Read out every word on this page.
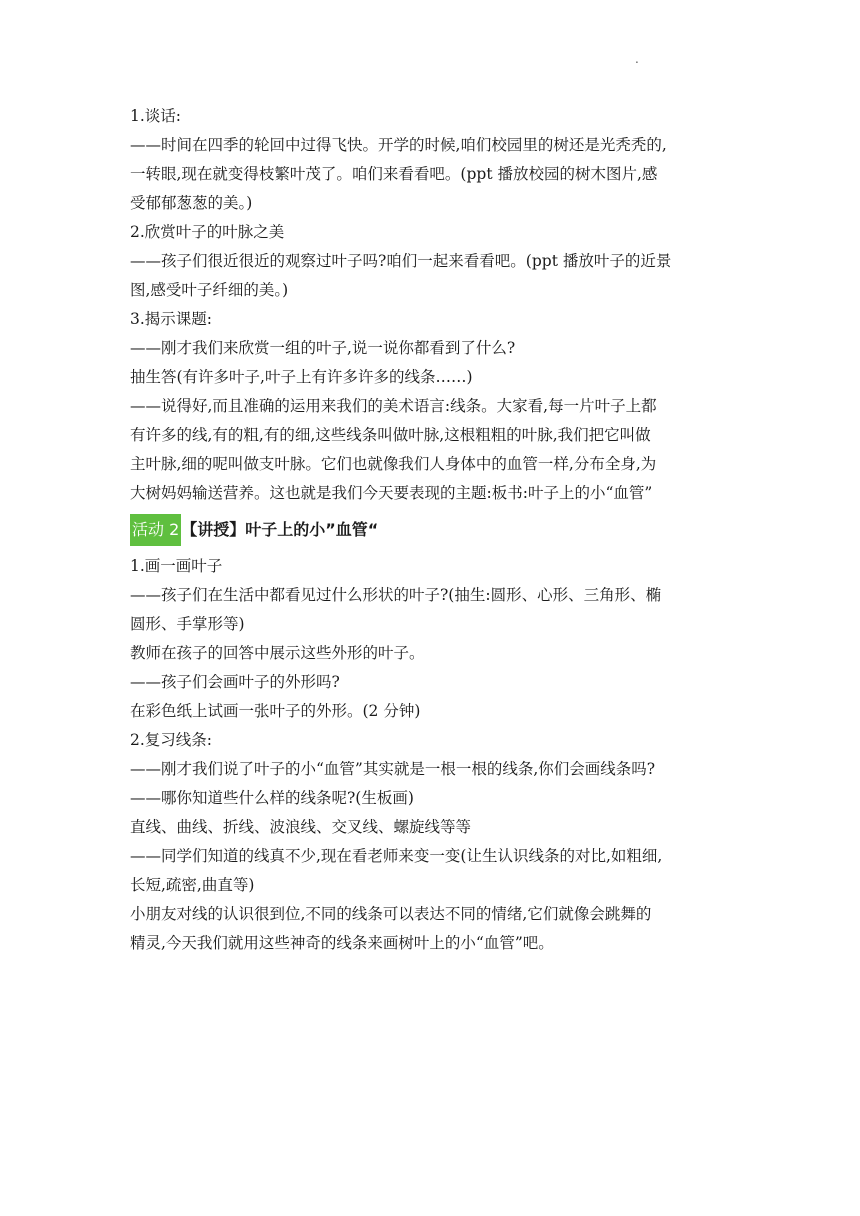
.

1.谈话:

——时间在四季的轮回中过得飞快。开学的时候,咱们校园里的树还是光秃秃的,

一转眼,现在就变得枝繁叶茂了。咱们来看看吧。(ppt 播放校园的树木图片,感

受郁郁葱葱的美。)

2.欣赏叶子的叶脉之美

——孩子们很近很近的观察过叶子吗?咱们一起来看看吧。(ppt 播放叶子的近景

图,感受叶子纤细的美。)

3.揭示课题:

——刚才我们来欣赏一组的叶子,说一说你都看到了什么?

抽生答(有许多叶子,叶子上有许多许多的线条……)

——说得好,而且准确的运用来我们的美术语言:线条。大家看,每一片叶子上都

有许多的线,有的粗,有的细,这些线条叫做叶脉,这根粗粗的叶脉,我们把它叫做

主叶脉,细的呢叫做支叶脉。它们也就像我们人身体中的血管一样,分布全身,为

大树妈妈输送营养。这也就是我们今天要表现的主题:板书:叶子上的小“血管”

活动 2 【讲授】叶子上的小”血管“

1.画一画叶子

——孩子们在生活中都看见过什么形状的叶子?(抽生:圆形、心形、三角形、椭

圆形、手掌形等)

教师在孩子的回答中展示这些外形的叶子。

——孩子们会画叶子的外形吗?

在彩色纸上试画一张叶子的外形。(2 分钟)

2.复习线条:

——刚才我们说了叶子的小“血管”其实就是一根一根的线条,你们会画线条吗?

——哪你知道些什么样的线条呢?(生板画)

直线、曲线、折线、波浪线、交叉线、螺旋线等等

——同学们知道的线真不少,现在看老师来变一变(让生认识线条的对比,如粗细,

长短,疏密,曲直等)

小朋友对线的认识很到位,不同的线条可以表达不同的情绪,它们就像会跳舞的

精灵,今天我们就用这些神奇的线条来画树叶上的小“血管”吧。
